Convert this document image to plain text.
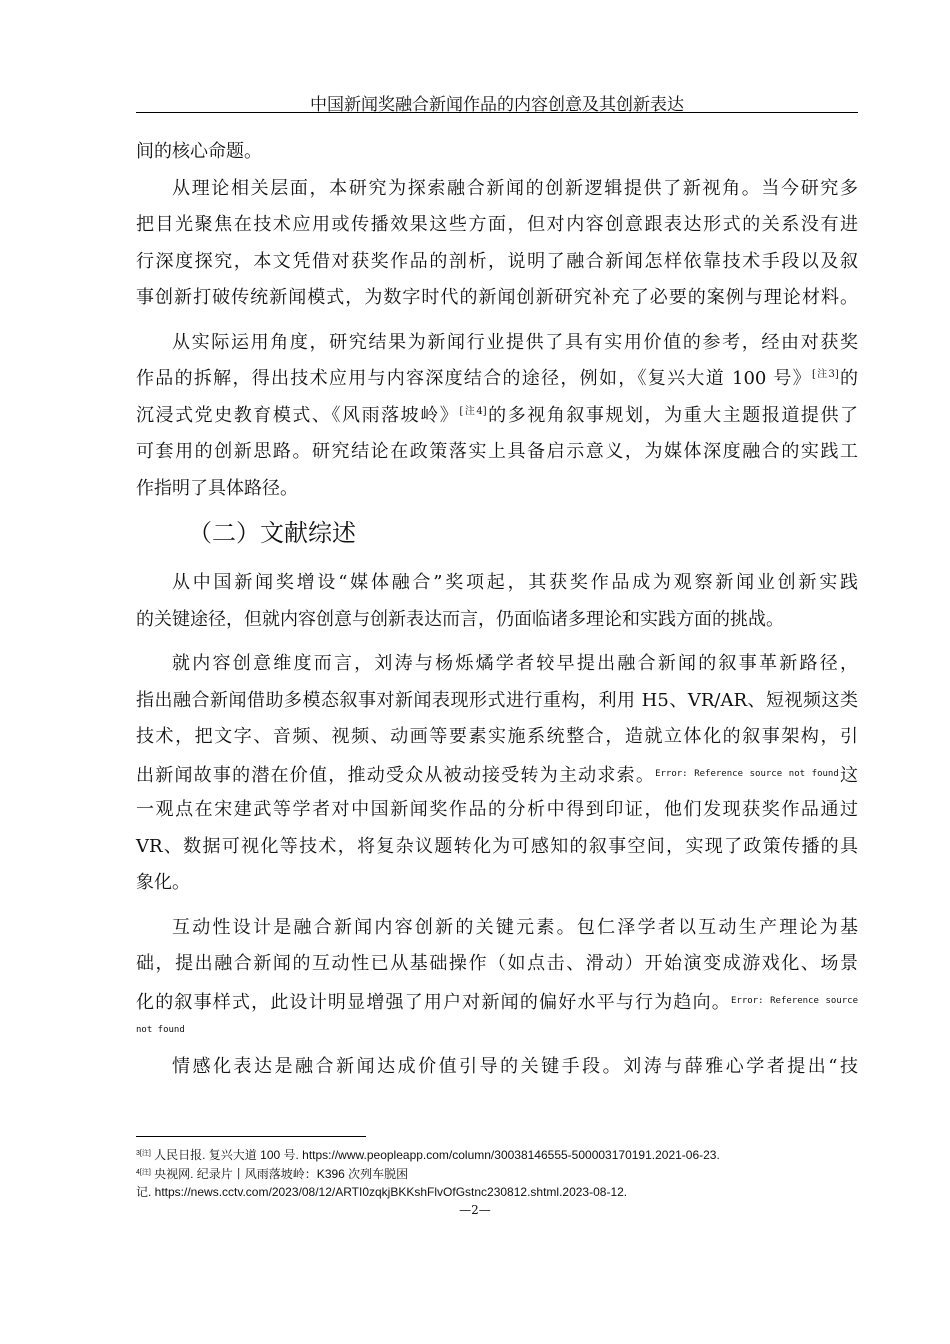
中国新闻奖融合新闻作品的内容创意及其创新表达
间的核心命题。
从理论相关层面，本研究为探索融合新闻的创新逻辑提供了新视角。当今研究多
把目光聚焦在技术应用或传播效果这些方面，但对内容创意跟表达形式的关系没有进
行深度探究，本文凭借对获奖作品的剖析，说明了融合新闻怎样依靠技术手段以及叙
事创新打破传统新闻模式，为数字时代的新闻创新研究补充了必要的案例与理论材料。
从实际运用角度，研究结果为新闻行业提供了具有实用价值的参考，经由对获奖
作品的拆解，得出技术应用与内容深度结合的途径，例如，《复兴大道 100 号》[注3]的
沉浸式党史教育模式、《风雨落坡岭》[注4]的多视角叙事规划，为重大主题报道提供了
可套用的创新思路。研究结论在政策落实上具备启示意义，为媒体深度融合的实践工
作指明了具体路径。
（二）文献综述
从中国新闻奖增设“媒体融合”奖项起，其获奖作品成为观察新闻业创新实践
的关键途径，但就内容创意与创新表达而言，仍面临诸多理论和实践方面的挑战。
就内容创意维度而言，刘涛与杨烁燏学者较早提出融合新闻的叙事革新路径，
指出融合新闻借助多模态叙事对新闻表现形式进行重构，利用 H5、VR/AR、短视频这类
技术，把文字、音频、视频、动画等要素实施系统整合，造就立体化的叙事架构，引
出新闻故事的潜在价值，推动受众从被动接受转为主动求索。$^{Error: Reference source not found}$这
一观点在宋建武等学者对中国新闻奖作品的分析中得到印证，他们发现获奖作品通过
VR、数据可视化等技术，将复杂议题转化为可感知的叙事空间，实现了政策传播的具
象化。
互动性设计是融合新闻内容创新的关键元素。包仁泽学者以互动生产理论为基
础，提出融合新闻的互动性已从基础操作（如点击、滑动）开始演变成游戏化、场景
化的叙事样式，此设计明显增强了用户对新闻的偏好水平与行为趋向。$^{Error: Reference source}$
not found
情感化表达是融合新闻达成价值引导的关键手段。刘涛与薛雅心学者提出“技
$^{3[注]}$ 人民日报. 复兴大道 100 号. https://www.peopleapp.com/column/30038146555-500003170191.2021-06-23.
$^{4[注]}$ 央视网. 纪录片丨风雨落坡岭：K396 次列车脱困
记. https://news.cctv.com/2023/08/12/ARTI0zqkjBKKshFlvOfGstnc230812.shtml.2023-08-12.
—2—
